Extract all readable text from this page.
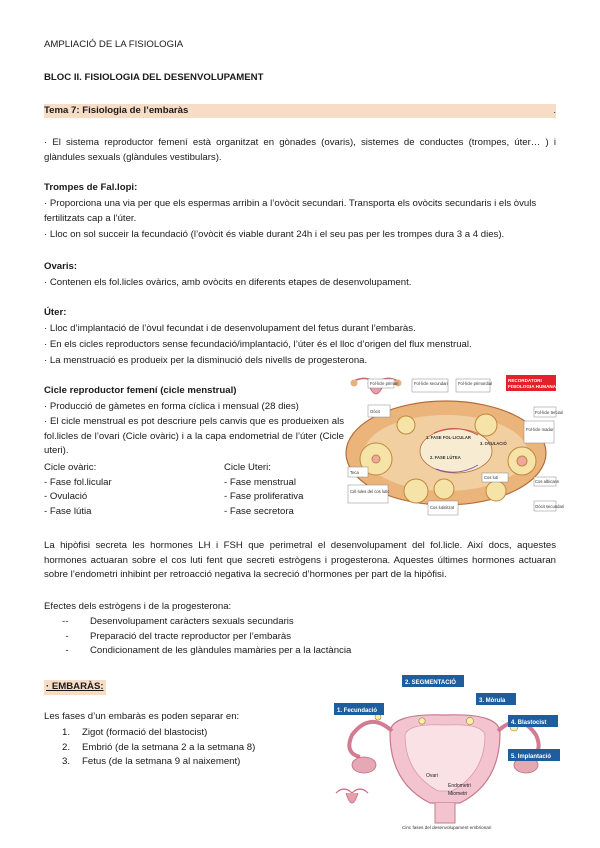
AMPLIACIÓ DE LA FISIOLOGIA
BLOC II. FISIOLOGIA DEL DESENVOLUPAMENT
Tema 7: Fisiologia de l’embaràs	.
· El sistema reproductor femení està organitzat en gònades (ovaris), sistemes de conductes (trompes, úter… ) i glàndules sexuals (glàndules vestibulars).
Trompes de Fal.lopi:
· Proporciona una via per que els espermas arribin a l’ovòcit secundari. Transporta els ovòcits secundaris i els òvuls fertilitzats cap a l’úter.
· Lloc on sol succeir la fecundació (l’ovòcit és viable durant 24h i el seu pas per les trompes dura 3 a 4 dies).
Ovaris:
· Contenen els fol.licles ovàrics, amb ovòcits en diferents etapes de desenvolupament.
Úter:
· Lloc d’implantació de l’òvul fecundat i de desenvolupament del fetus durant l’embaràs.
· En els cicles reproductors sense fecundació/implantació, l’úter és el lloc d’origen del flux menstrual.
· La menstruació es produeix per la disminució dels nivells de progesterona.
Cicle reproductor femení (cicle menstrual)
· Producció de gàmetes en forma cíclica i mensual (28 dies)
· El cicle menstrual es pot descriure pels canvis que es produeixen als fol.licles de l’ovari (Cicle ovàric) i a la capa endometrial de l’úter (Cicle uteri).
Cicle ovàric:
- Fase fol.licular
- Ovulació
- Fase lútia
Cicle Uteri:
- Fase menstrual
- Fase proliferativa
- Fase secretora
Fol·licle primari	Fol·licle secundari Fol·licle primordial
Oòcit
Fol·licle madur
1. FASE FOL·LICULAR
2. FASE LÚTEA
3. OVULACIÓ
Cos luti
Cos albicans
Cos lutinitzat
Cèl·lules del cos lutic
Oòcit secundari
Teca
Fol·licle terciari
RECORDATORI
FISIOLOGIA HUMANA
La hipòfisi secreta les hormones LH i FSH que perimetral el desenvolupament del fol.licle. Així docs, aquestes hormones actuaran sobre el cos luti fent que secreti estrògens i progesterona. Aquestes últimes hormones actuaran sobre l’endometri inhibint per retroacció negativa la secreció d’hormones per part de la hipòfisi.
Efectes dels estrògens i de la progesterona:
- - Desenvolupament caràcters sexuals secundaris
- Preparació del tracte reproductor per l’embaràs
- Condicionament de les glàndules mamàries per a la lactància
· EMBARÀS:
Les fases d’un embaràs es poden separar en:
1. Zigot (formació del blastocist)
2. Embrió (de la setmana 2 a la setmana 8)
3. Fetus (de la setmana 9 al naixement)
2. SEGMENTACIÓ
1. Fecundació
3. Mòrula
4. Blastocist
5. Implantació
Ovari
Endometri
Miometri
Cinc fases del desenvolupament embrionari
